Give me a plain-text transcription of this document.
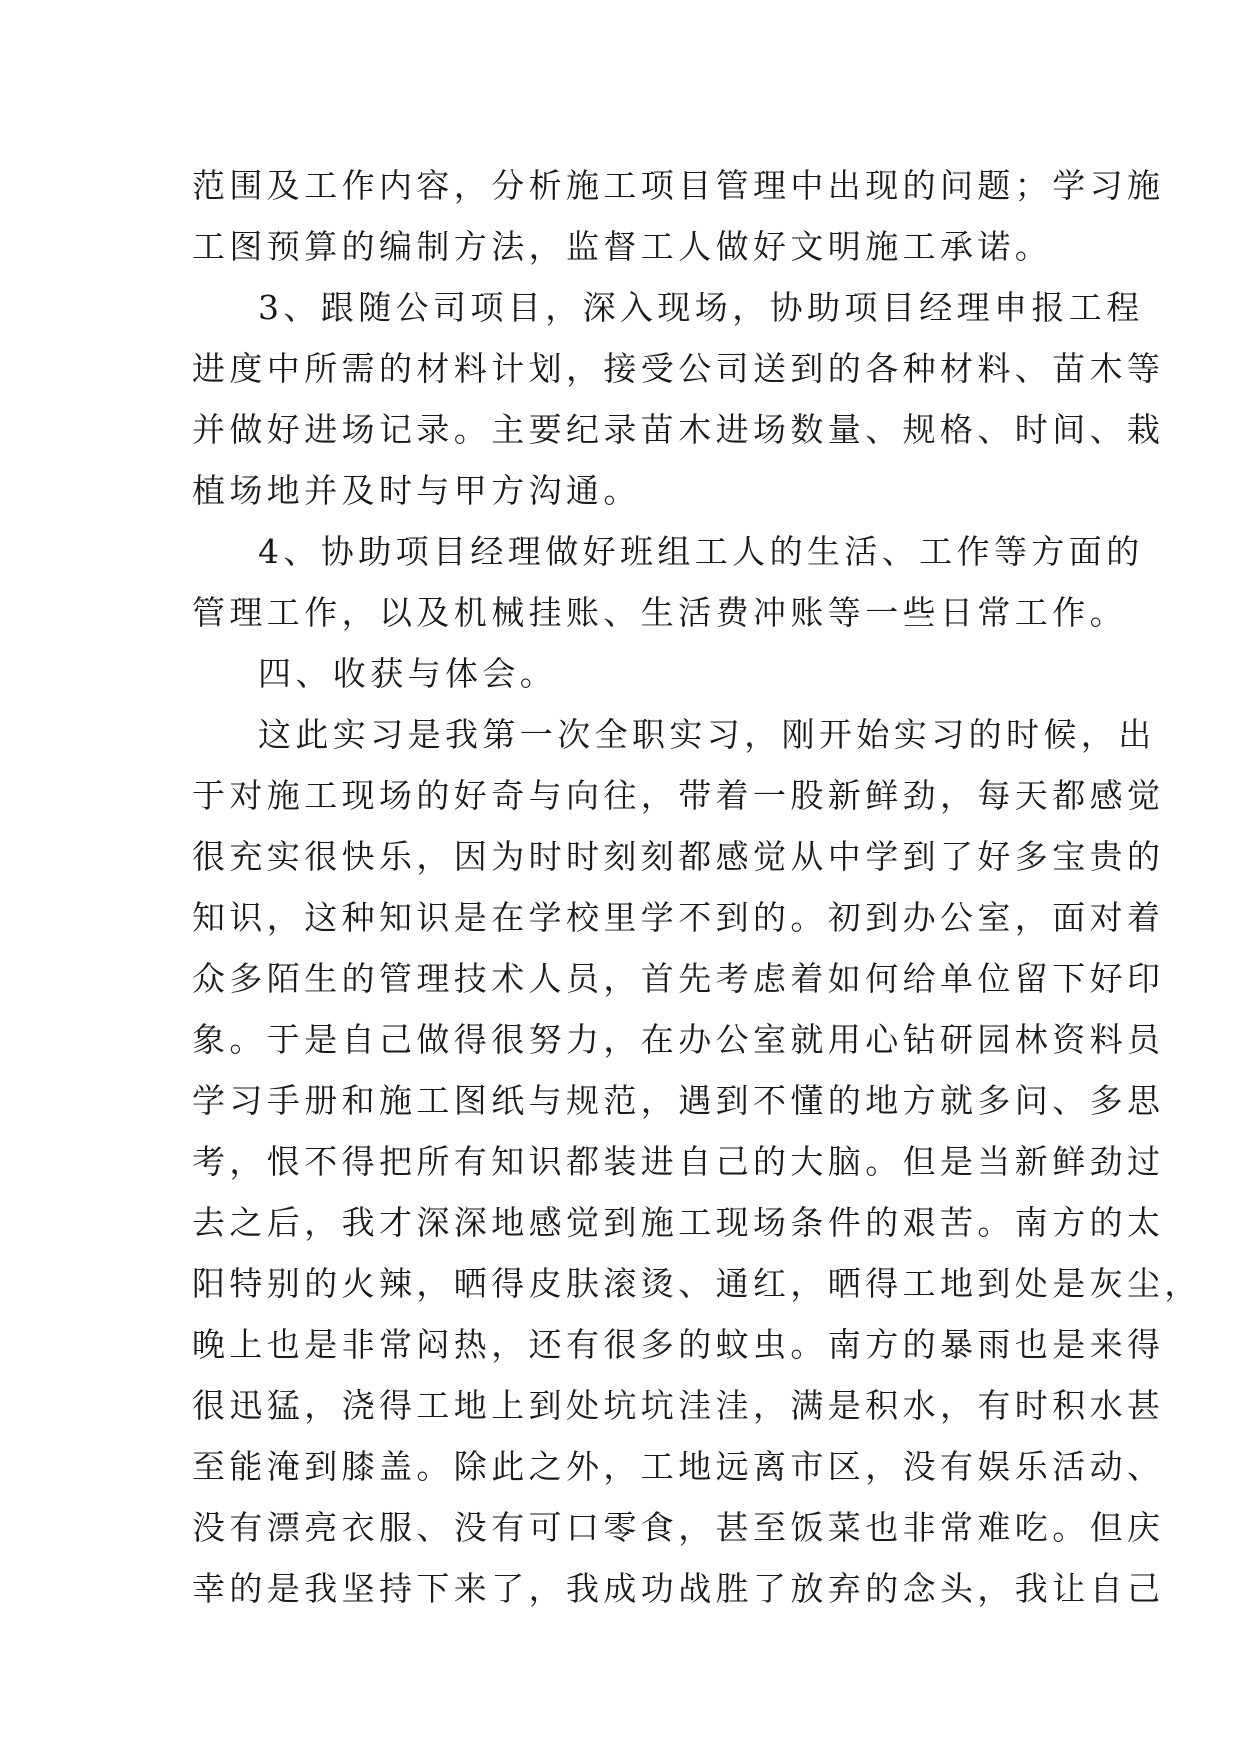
范围及工作内容，分析施工项目管理中出现的问题；学习施
工图预算的编制方法，监督工人做好文明施工承诺。
3、跟随公司项目，深入现场，协助项目经理申报工程
进度中所需的材料计划，接受公司送到的各种材料、苗木等
并做好进场记录。主要纪录苗木进场数量、规格、时间、栽
植场地并及时与甲方沟通。
4、协助项目经理做好班组工人的生活、工作等方面的
管理工作，以及机械挂账、生活费冲账等一些日常工作。
四、收获与体会。
这此实习是我第一次全职实习，刚开始实习的时候，出
于对施工现场的好奇与向往，带着一股新鲜劲，每天都感觉
很充实很快乐，因为时时刻刻都感觉从中学到了好多宝贵的
知识，这种知识是在学校里学不到的。初到办公室，面对着
众多陌生的管理技术人员，首先考虑着如何给单位留下好印
象。于是自己做得很努力，在办公室就用心钻研园林资料员
学习手册和施工图纸与规范，遇到不懂的地方就多问、多思
考，恨不得把所有知识都装进自己的大脑。但是当新鲜劲过
去之后，我才深深地感觉到施工现场条件的艰苦。南方的太
阳特别的火辣，晒得皮肤滚烫、通红，晒得工地到处是灰尘，
晚上也是非常闷热，还有很多的蚊虫。南方的暴雨也是来得
很迅猛，浇得工地上到处坑坑洼洼，满是积水，有时积水甚
至能淹到膝盖。除此之外，工地远离市区，没有娱乐活动、
没有漂亮衣服、没有可口零食，甚至饭菜也非常难吃。但庆
幸的是我坚持下来了，我成功战胜了放弃的念头，我让自己
